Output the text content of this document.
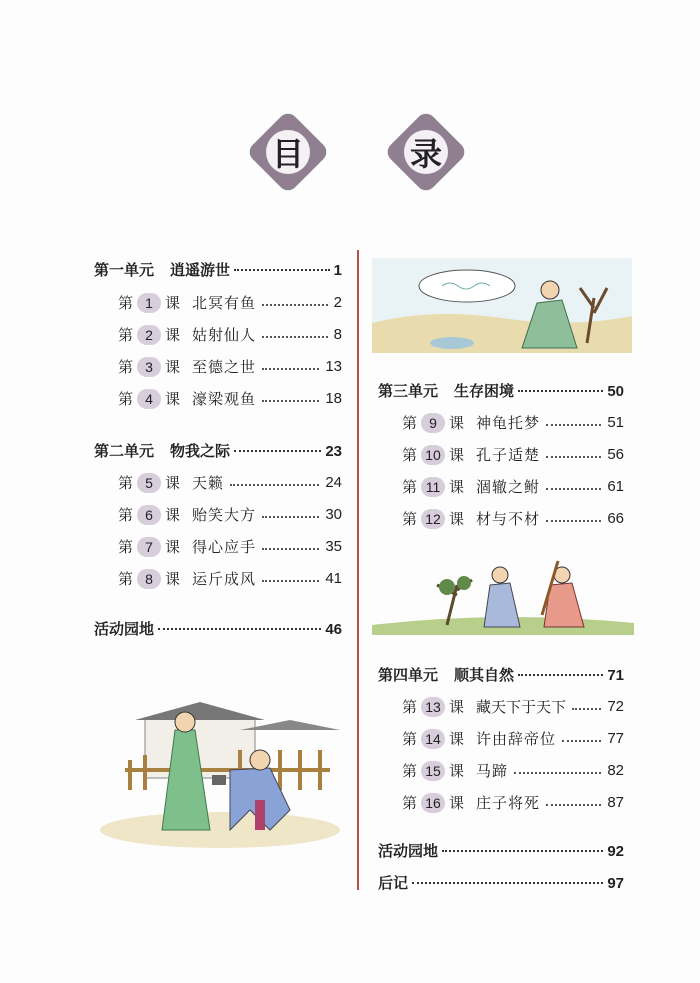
目	录
第一单元 逍遥游世	1
第 1 课 北冥有鱼	2
第 2 课 姑射仙人	8
第 3 课 至德之世	13
第 4 课 濠梁观鱼	18
第二单元 物我之际	23
第 5 课 天籁	24
第 6 课 贻笑大方	30
第 7 课 得心应手	35
第 8 课 运斤成风	41
活动园地	46
第三单元 生存困境	50
第 9 课 神龟托梦	51
第 10 课 孔子适楚	56
第 11 课 涸辙之鲋	61
第 12 课 材与不材	66
第四单元 顺其自然	71
第 13 课 藏天下于天下	72
第 14 课 许由辞帝位	77
第 15 课 马蹄	82
第 16 课 庄子将死	87
活动园地	92
后记	97
